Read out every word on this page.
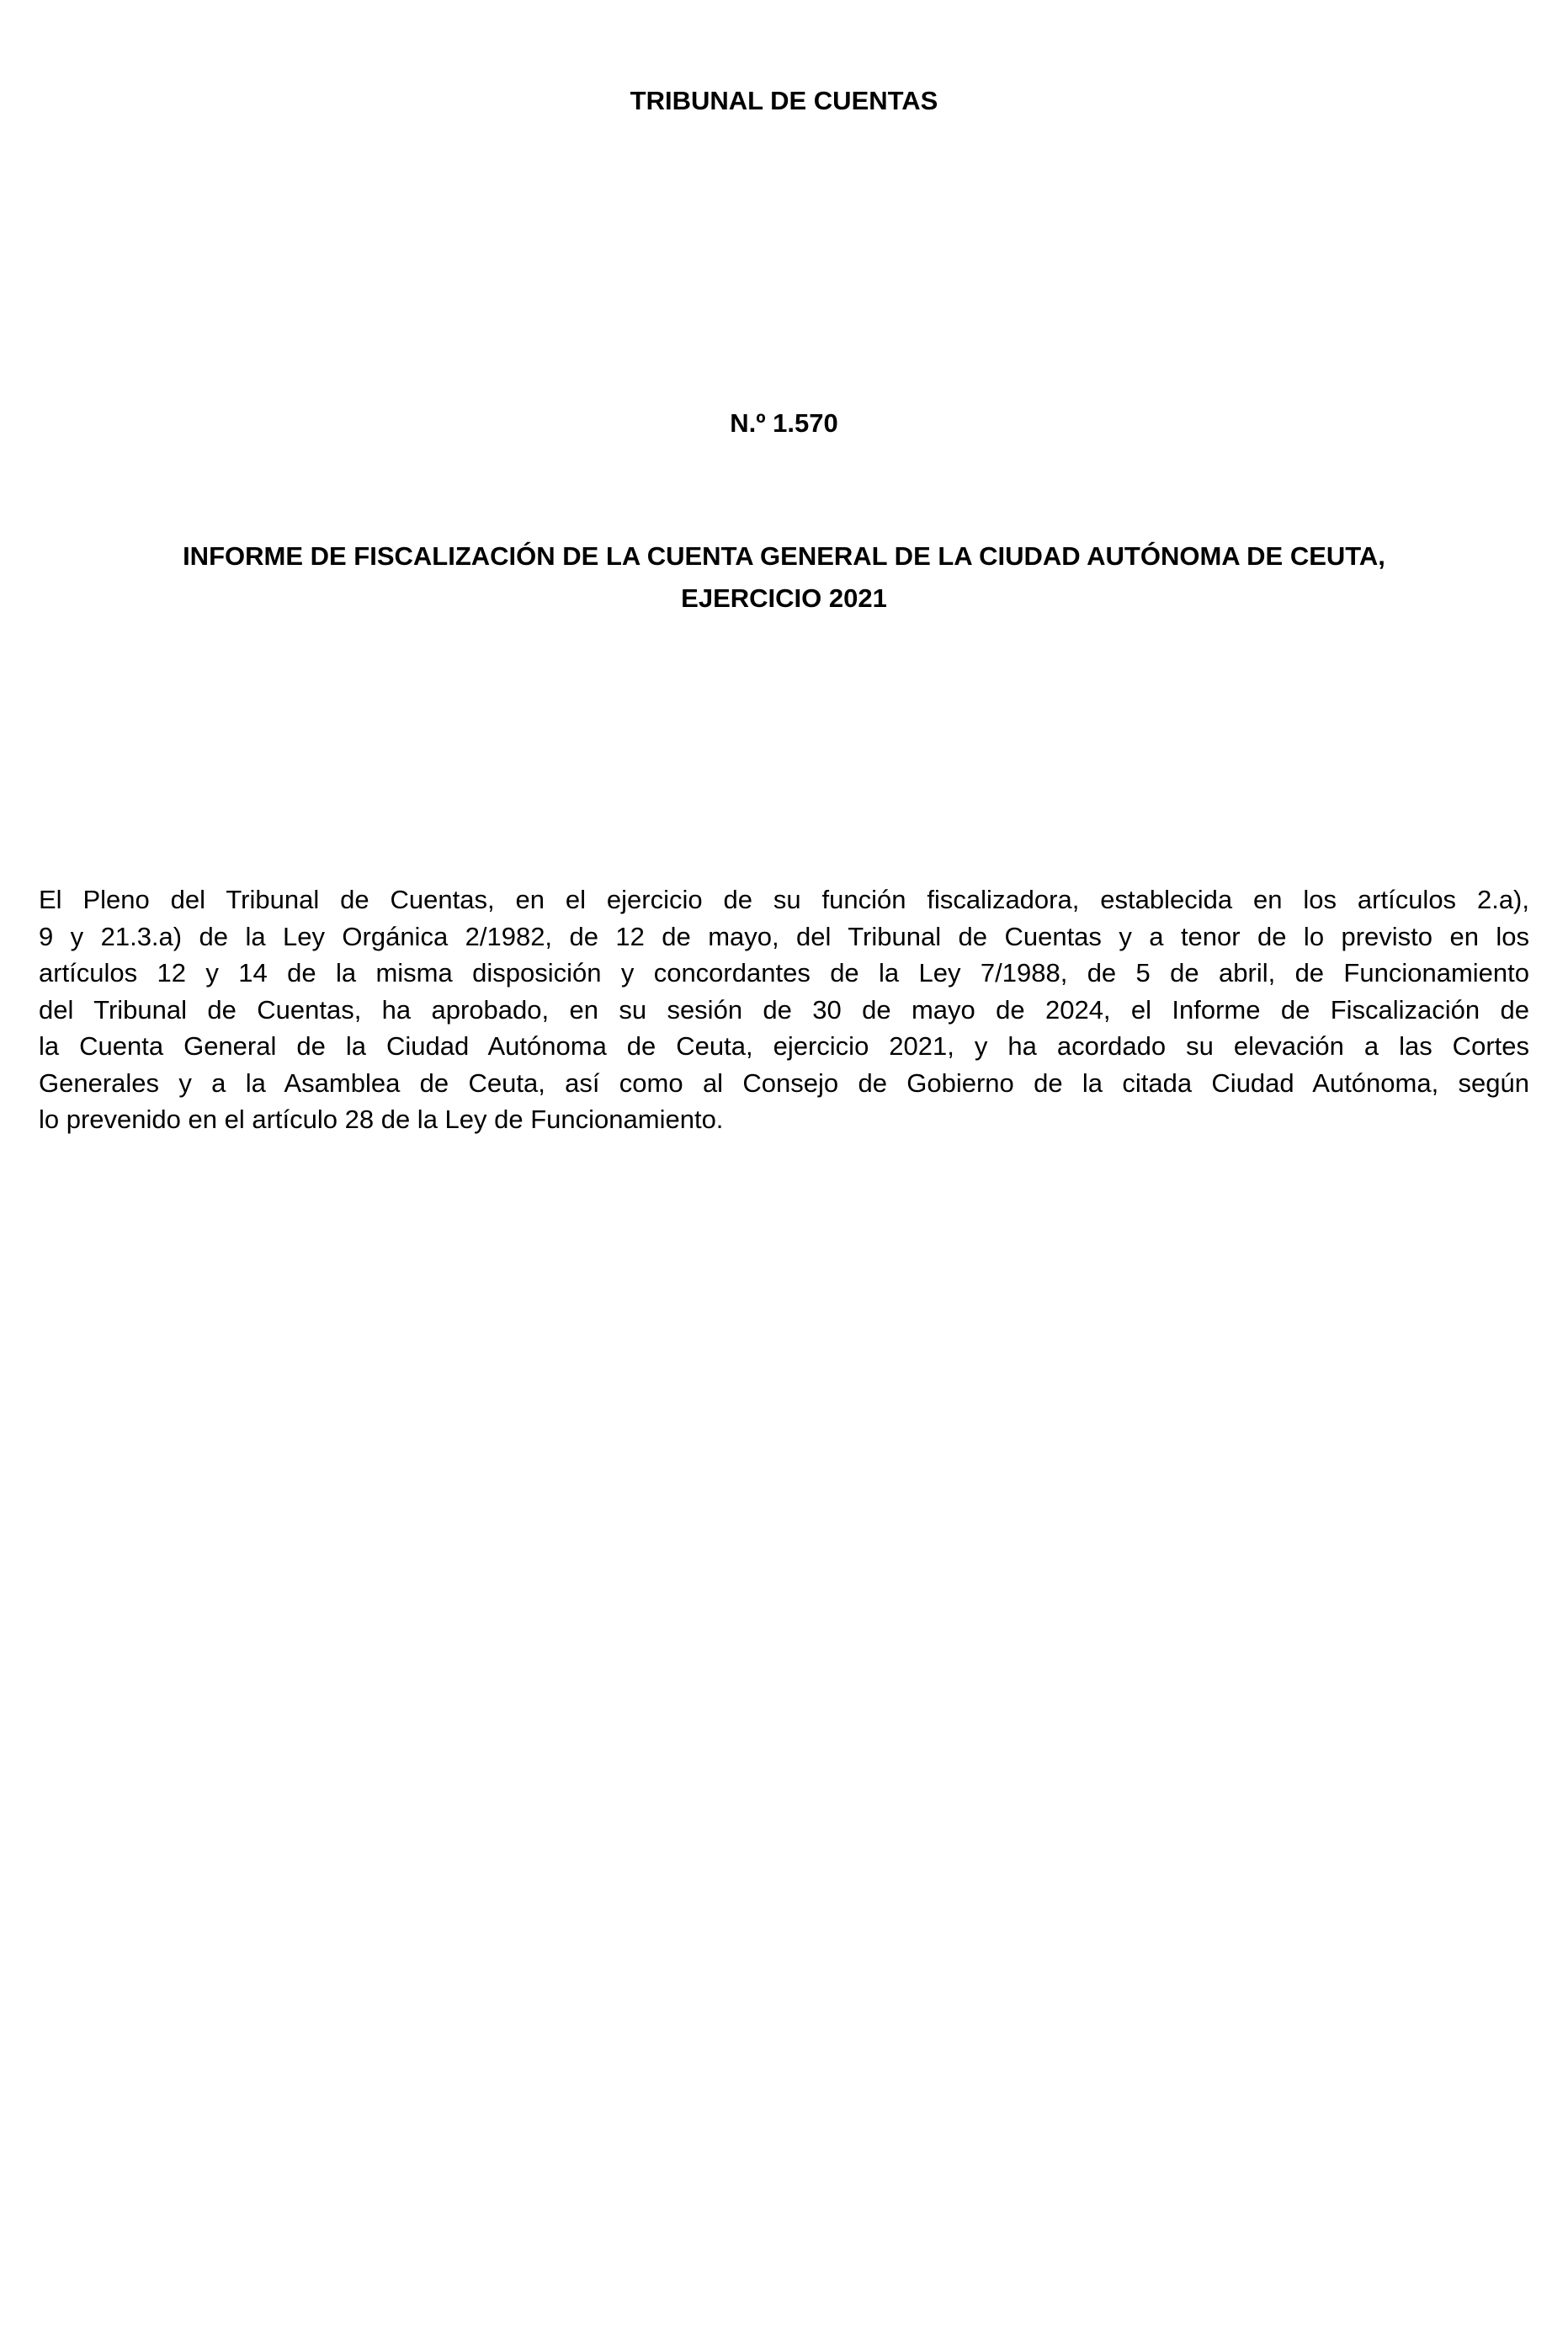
TRIBUNAL DE CUENTAS
N.º 1.570
INFORME DE FISCALIZACIÓN DE LA CUENTA GENERAL DE LA CIUDAD AUTÓNOMA DE CEUTA,
EJERCICIO 2021
El Pleno del Tribunal de Cuentas, en el ejercicio de su función fiscalizadora, establecida en los artículos 2.a),
9 y 21.3.a) de la Ley Orgánica 2/1982, de 12 de mayo, del Tribunal de Cuentas y a tenor de lo previsto en los
artículos 12 y 14 de la misma disposición y concordantes de la Ley 7/1988, de 5 de abril, de Funcionamiento
del Tribunal de Cuentas, ha aprobado, en su sesión de 30 de mayo de 2024, el Informe de Fiscalización de
la Cuenta General de la Ciudad Autónoma de Ceuta, ejercicio 2021, y ha acordado su elevación a las Cortes
Generales y a la Asamblea de Ceuta, así como al Consejo de Gobierno de la citada Ciudad Autónoma, según
lo prevenido en el artículo 28 de la Ley de Funcionamiento.
